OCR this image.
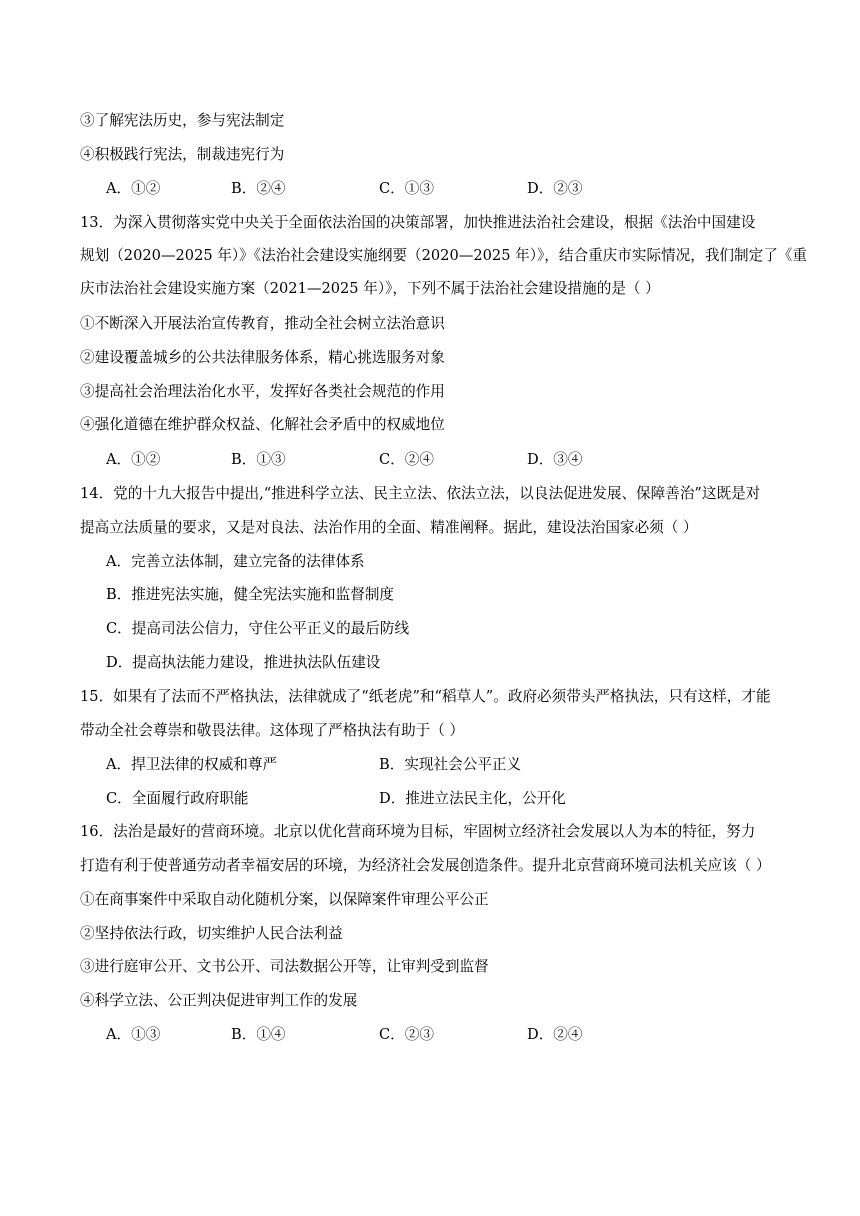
③了解宪法历史，参与宪法制定
④积极践行宪法，制裁违宪行为
A．①②	B．②④	C．①③	D．②③
13．为深入贯彻落实党中央关于全面依法治国的决策部署，加快推进法治社会建设，根据《法治中国建设
规划（2020—2025 年）》《法治社会建设实施纲要（2020—2025 年）》，结合重庆市实际情况，我们制定了《重
庆市法治社会建设实施方案（2021—2025 年）》，下列不属于法治社会建设措施的是（ ）
①不断深入开展法治宣传教育，推动全社会树立法治意识
②建设覆盖城乡的公共法律服务体系，精心挑选服务对象
③提高社会治理法治化水平，发挥好各类社会规范的作用
④强化道德在维护群众权益、化解社会矛盾中的权威地位
A．①②	B．①③	C．②④	D．③④
14．党的十九大报告中提出,“推进科学立法、民主立法、依法立法，以良法促进发展、保障善治”这既是对
提高立法质量的要求，又是对良法、法治作用的全面、精准阐释。据此，建设法治国家必须（ ）
A．完善立法体制，建立完备的法律体系
B．推进宪法实施，健全宪法实施和监督制度
C．提高司法公信力，守住公平正义的最后防线
D．提高执法能力建设，推进执法队伍建设
15．如果有了法而不严格执法，法律就成了“纸老虎”和“稻草人”。政府必须带头严格执法，只有这样，才能
带动全社会尊崇和敬畏法律。这体现了严格执法有助于（ ）
A．捍卫法律的权威和尊严	B．实现社会公平正义
C．全面履行政府职能	D．推进立法民主化，公开化
16．法治是最好的营商环境。北京以优化营商环境为目标，牢固树立经济社会发展以人为本的特征，努力
打造有利于使普通劳动者幸福安居的环境，为经济社会发展创造条件。提升北京营商环境司法机关应该（ ）
①在商事案件中采取自动化随机分案，以保障案件审理公平公正
②坚持依法行政，切实维护人民合法利益
③进行庭审公开、文书公开、司法数据公开等，让审判受到监督
④科学立法、公正判决促进审判工作的发展
A．①③	B．①④	C．②③	D．②④
